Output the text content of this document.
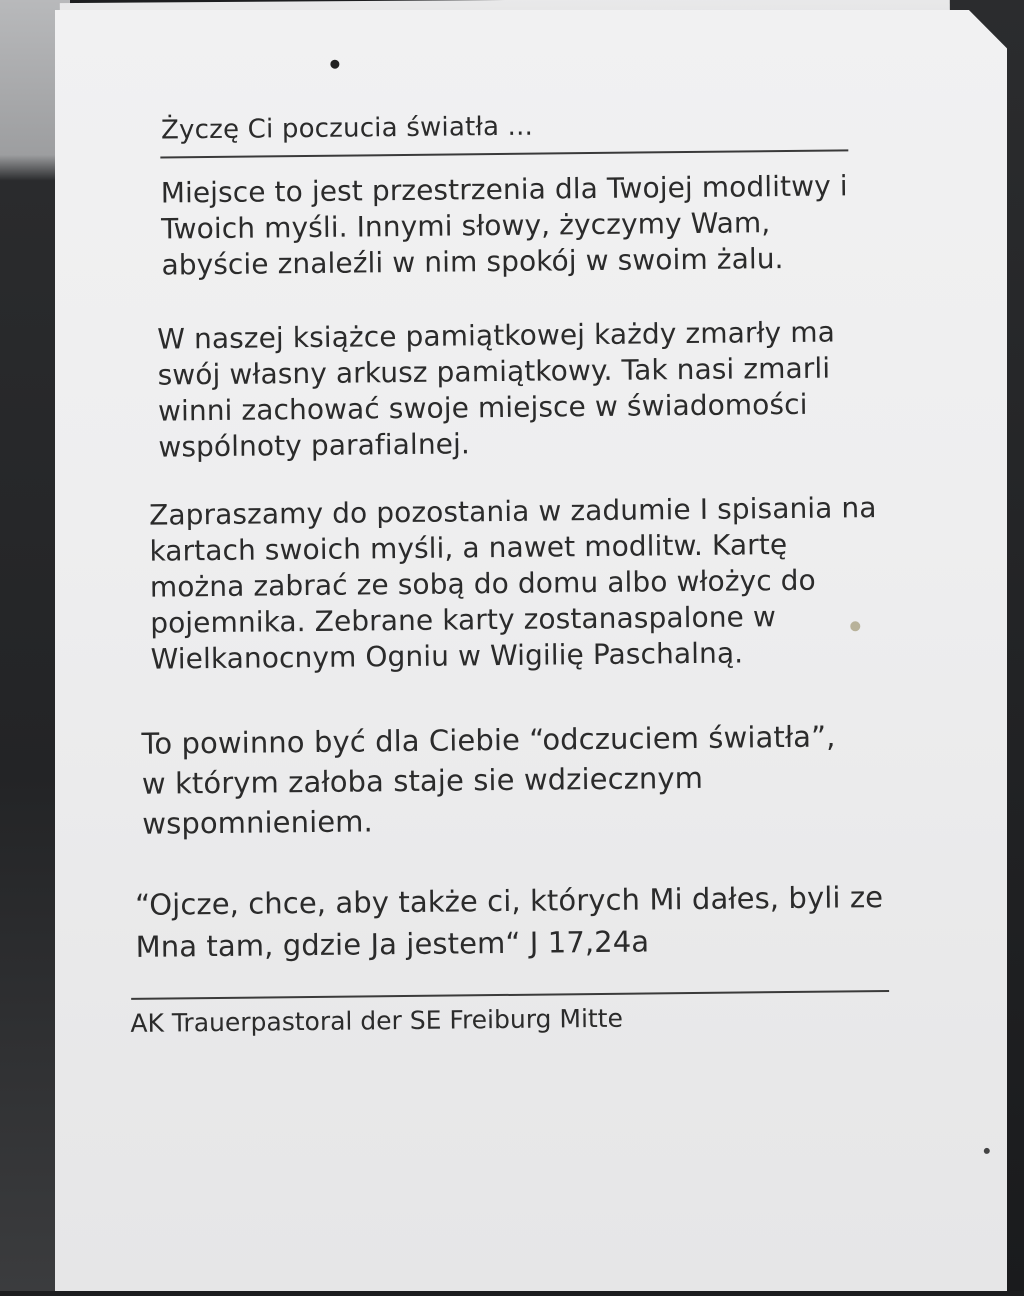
Życzę Ci poczucia światła ...
Miejsce to jest przestrzenia dla Twojej modlitwy i
Twoich myśli. Innymi słowy, życzymy Wam,
abyście znaleźli w nim spokój w swoim żalu.
W naszej książce pamiątkowej każdy zmarły ma
swój własny arkusz pamiątkowy. Tak nasi zmarli
winni zachować swoje miejsce w świadomości
wspólnoty parafialnej.
Zapraszamy do pozostania w zadumie I spisania na
kartach swoich myśli, a nawet modlitw. Kartę
można zabrać ze sobą do domu albo włożyc do
pojemnika. Zebrane karty zostanaspalone w
Wielkanocnym Ogniu w Wigilię Paschalną.
To powinno być dla Ciebie “odczuciem światła”,
w którym załoba staje sie wdziecznym
wspomnieniem.
“Ojcze, chce, aby także ci, których Mi dałes, byli ze
Mna tam, gdzie Ja jestem“ J 17,24a
AK Trauerpastoral der SE Freiburg Mitte
